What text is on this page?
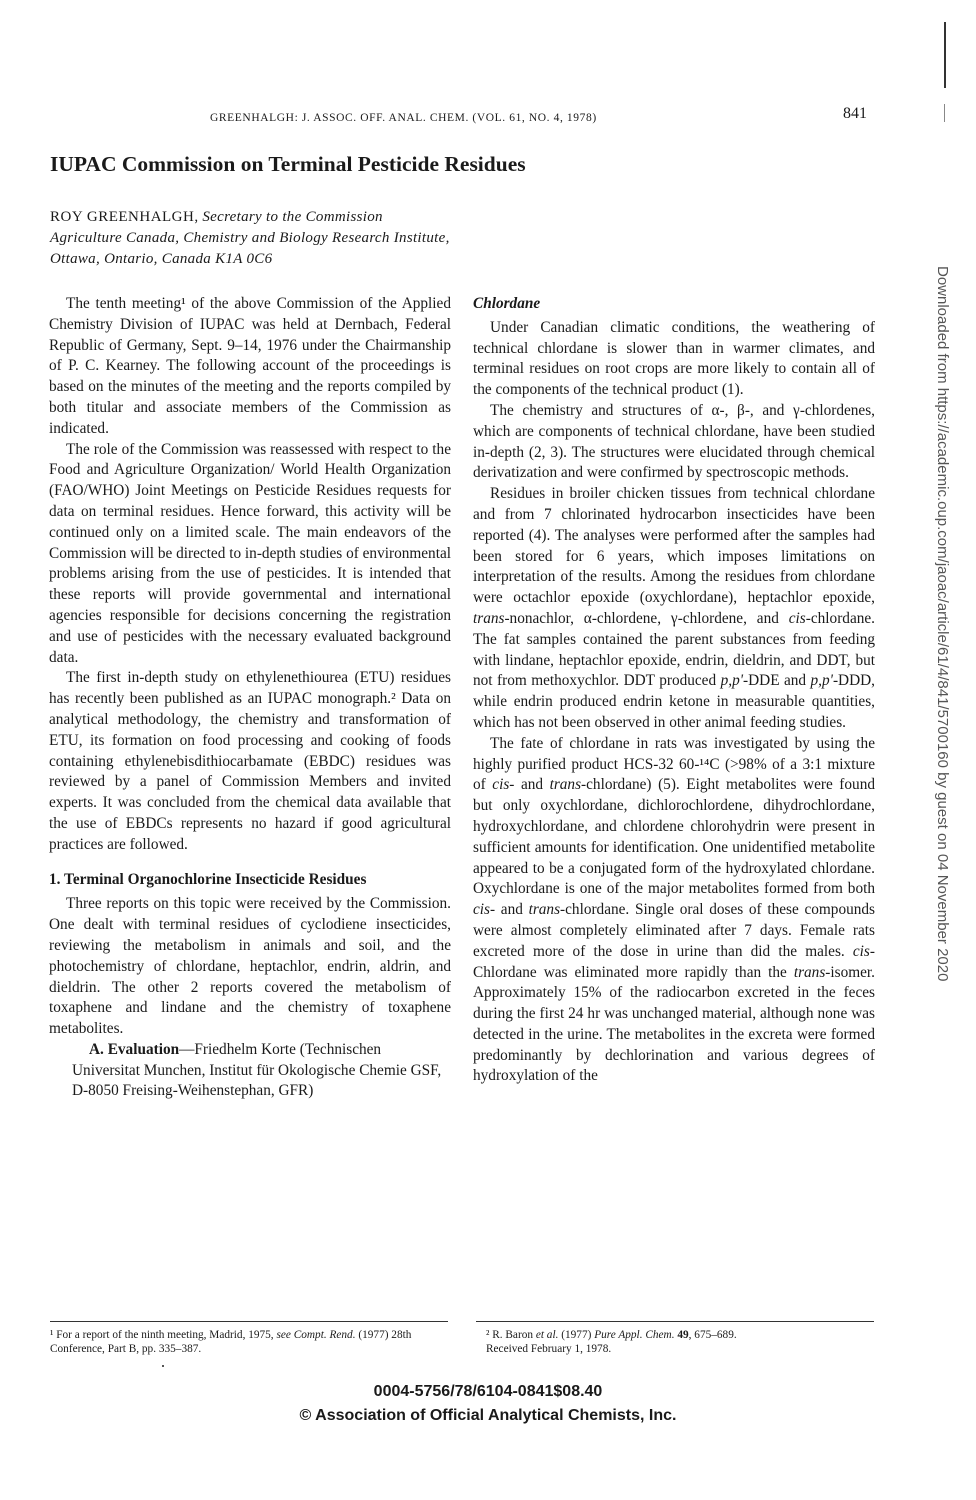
GREENHALGH: J. ASSOC. OFF. ANAL. CHEM. (VOL. 61, NO. 4, 1978)	841
IUPAC Commission on Terminal Pesticide Residues
ROY GREENHALGH, Secretary to the Commission
Agriculture Canada, Chemistry and Biology Research Institute,
Ottawa, Ontario, Canada K1A 0C6

The tenth meeting¹ of the above Commission of the Applied Chemistry Division of IUPAC was held at Dernbach, Federal Republic of Germany, Sept. 9–14, 1976 under the Chairmanship of P. C. Kearney. The following account of the proceedings is based on the minutes of the meeting and the reports compiled by both titular and associate members of the Commission as indicated.

The role of the Commission was reassessed with respect to the Food and Agriculture Organization/ World Health Organization (FAO/WHO) Joint Meetings on Pesticide Residues requests for data on terminal residues. Hence forward, this activity will be continued only on a limited scale. The main endeavors of the Commission will be directed to in-depth studies of environmental problems arising from the use of pesticides. It is intended that these reports will provide governmental and international agencies responsible for decisions concerning the registration and use of pesticides with the necessary evaluated background data.

The first in-depth study on ethylenethiourea (ETU) residues has recently been published as an IUPAC monograph.² Data on analytical methodology, the chemistry and transformation of ETU, its formation on food processing and cooking of foods containing ethylenebisdithiocarbamate (EBDC) residues was reviewed by a panel of Commission Members and invited experts. It was concluded from the chemical data available that the use of EBDCs represents no hazard if good agricultural practices are followed.

1. Terminal Organochlorine Insecticide Residues

Three reports on this topic were received by the Commission. One dealt with terminal residues of cyclodiene insecticides, reviewing the metabolism in animals and soil, and the photochemistry of chlordane, heptachlor, endrin, aldrin, and dieldrin. The other 2 reports covered the metabolism of toxaphene and lindane and the chemistry of toxaphene metabolites.

A. Evaluation—Friedhelm Korte (Technischen Universitat Munchen, Institut für Okologische Chemie GSF, D-8050 Freising-Weihenstephan, GFR)

Chlordane

Under Canadian climatic conditions, the weathering of technical chlordane is slower than in warmer climates, and terminal residues on root crops are more likely to contain all of the components of the technical product (1).

The chemistry and structures of α-, β-, and γ-chlordenes, which are components of technical chlordane, have been studied in-depth (2, 3). The structures were elucidated through chemical derivatization and were confirmed by spectroscopic methods.

Residues in broiler chicken tissues from technical chlordane and from 7 chlorinated hydrocarbon insecticides have been reported (4). The analyses were performed after the samples had been stored for 6 years, which imposes limitations on interpretation of the results. Among the residues from chlordane were octachlor epoxide (oxychlordane), heptachlor epoxide, trans-nonachlor, α-chlordene, γ-chlordene, and cis-chlordane. The fat samples contained the parent substances from feeding with lindane, heptachlor epoxide, endrin, dieldrin, and DDT, but not from methoxychlor. DDT produced p,p'-DDE and p,p'-DDD, while endrin produced endrin ketone in measurable quantities, which has not been observed in other animal feeding studies.

The fate of chlordane in rats was investigated by using the highly purified product HCS-32 60-¹⁴C (>98% of a 3:1 mixture of cis- and trans-chlordane) (5). Eight metabolites were found but only oxychlordane, dichlorochlordene, dihydrochlordane, hydroxychlordane, and chlordene chlorohydrin were present in sufficient amounts for identification. One unidentified metabolite appeared to be a conjugated form of the hydroxylated chlordane. Oxychlordane is one of the major metabolites formed from both cis- and trans-chlordane. Single oral doses of these compounds were almost completely eliminated after 7 days. Female rats excreted more of the dose in urine than did the males. cis-Chlordane was eliminated more rapidly than the trans-isomer. Approximately 15% of the radiocarbon excreted in the feces during the first 24 hr was unchanged material, although none was detected in the urine. The metabolites in the excreta were formed predominantly by dechlorination and various degrees of hydroxylation of the

¹ For a report of the ninth meeting, Madrid, 1975, see Compt. Rend. (1977) 28th Conference, Part B, pp. 335–387.
² R. Baron et al. (1977) Pure Appl. Chem. 49, 675–689.
Received February 1, 1978.
0004-5756/78/6104-0841$08.40
© Association of Official Analytical Chemists, Inc.
Downloaded from https://academic.oup.com/jaoac/article/61/4/841/5700160 by guest on 04 November 2020
